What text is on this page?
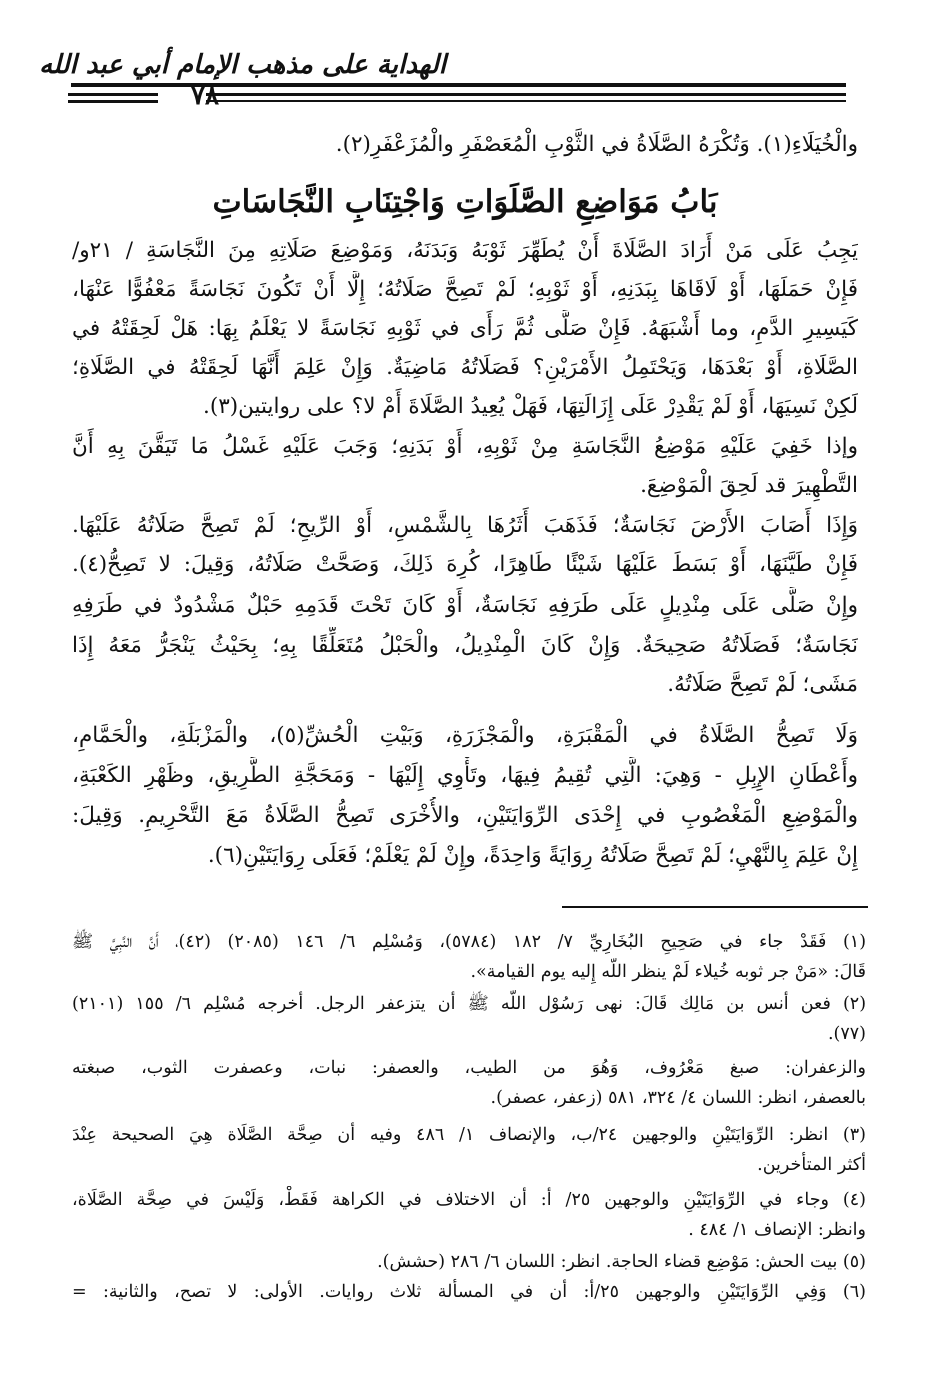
الهداية على مذهب الإمام أبي عبد الله
٧٨
والْخُيَلَاءِ(١). وَتُكْرَهُ الصَّلَاةُ في الثَّوْبِ الْمُعَصْفَرِ والْمُزَعْفَرِ(٢).
بَابُ مَوَاضِعِ الصَّلَوَاتِ وَاجْتِنَابِ النَّجَاسَاتِ
يَجِبُ عَلَى مَنْ أَرَادَ الصَّلَاةَ أَنْ يُطَهِّرَ ثَوْبَهُ وَبَدَنَهُ، وَمَوْضِعَ صَلَاتِهِ مِنَ النَّجَاسَةِ / ٢١و/
فَإِنْ حَمَلَهَا، أَوْ لَاقَاهَا بِبَدَنِهِ، أَوْ ثَوْبِهِ؛ لَمْ تَصِحَّ صَلَاتُهُ؛ إِلَّا أَنْ تَكُونَ نَجَاسَةً مَعْفُوًّا عَنْهَا،
كَيَسِيرِ الدَّمِ، وما أَشْبَهَهُ. فَإِنْ صَلَّى ثُمَّ رَأَى في ثَوْبِهِ نَجَاسَةً لا يَعْلَمُ بِهَا: هَلْ لَحِقَتْهُ في
الصَّلَاةِ، أَوْ بَعْدَهَا، وَيَحْتَمِلُ الأَمْرَيْنِ؟ فَصَلَاتُهُ مَاضِيَةٌ. وَإِنْ عَلِمَ أَنَّهَا لَحِقَتْهُ في الصَّلَاةِ؛
لَكِنْ نَسِيَهَا، أَوْ لَمْ يَقْدِرْ عَلَى إِزَالَتِهَا، فَهَلْ يُعِيدُ الصَّلَاةَ أَمْ لا؟ على روايتين(٣).
وإذا خَفِيَ عَلَيْهِ مَوْضِعُ النَّجَاسَةِ مِنْ ثَوْبِهِ، أَوْ بَدَنِهِ؛ وَجَبَ عَلَيْهِ غَسْلُ مَا تَيَقَّنَ بِهِ أَنَّ
التَّطْهِيرَ قد لَحِقَ الْمَوْضِعَ.
وَإِذَا أَصَابَ الأَرْضَ نَجَاسَةٌ؛ فَذَهَبَ أَثَرُهَا بِالشَّمْسِ، أَوْ الرِّيحِ؛ لَمْ تَصِحَّ صَلَاتُهُ عَلَيْهَا.
فَإِنْ طَيَّنَهَا، أَوْ بَسَطَ عَلَيْهَا شَيْئًا طَاهِرًا، كُرِهَ ذَلِكَ، وَصَحَّتْ صَلَاتُهُ، وَقِيلَ: لا تَصِحُّ(٤).
وإِنْ صَلَّى عَلَى مِنْدِيلٍ عَلَى طَرَفِهِ نَجَاسَةٌ، أَوْ كَانَ تَحْتَ قَدَمِهِ حَبْلٌ مَشْدُودٌ في طَرَفِهِ
نَجَاسَةٌ؛ فَصَلَاتُهُ صَحِيحَةٌ. وَإِنْ كَانَ الْمِنْدِيلُ، والْحَبْلُ مُتَعَلِّقًا بِهِ؛ بِحَيْثُ يَنْجَرُّ مَعَهُ إِذَا
مَشَى؛ لَمْ تَصِحَّ صَلَاتُهُ.
وَلَا تَصِحُّ الصَّلَاةُ في الْمَقْبَرَةِ، والْمَجْزَرَةِ، وَبَيْتِ الْحُشِّ(٥)، والْمَزْبَلَةِ، والْحَمَّامِ،
وأَعْطَانِ الإِبِلِ - وَهِيَ: الَّتِي تُقِيمُ فِيهَا، وتَأْوِي إِلَيْهَا - وَمَحَجَّةِ الطَّرِيقِ، وظَهْرِ الكَعْبَةِ،
والْمَوْضِعِ الْمَغْصُوبِ في إِحْدَى الرِّوَايَتَيْنِ، والأُخْرَى تَصِحُّ الصَّلَاةُ مَعَ التَّحْرِيمِ. وَقِيلَ:
إِنْ عَلِمَ بِالنَّهْيِ؛ لَمْ تَصِحَّ صَلَاتُهُ رِوَايَةً وَاحِدَةً، وإِنْ لَمْ يَعْلَمْ؛ فَعَلَى رِوَايَتَيْنِ(٦).
(١) فَقَدْ جاء في صَحِيحِ البُخَارِيِّ ٧/ ١٨٢ (٥٧٨٤)، وَمُسْلِم ٦/ ١٤٦ (٢٠٨٥) (٤٢)، أَنَّ النَّبِيَّ ﷺ
قَالَ: «مَنْ جر ثوبه خُيلاء لَمْ ينظر اللَّه إِليه يوم القيامة».
(٢) فعن أنس بن مَالِك قَالَ: نهى رَسُوْل اللَّه ﷺ أن يتزعفر الرجل. أخرجه مُسْلِم ٦/ ١٥٥ (٢١٠١)
(٧٧).
والزعفران: صبغ مَعْرُوف، وَهُوَ من الطيب، والعصفر: نبات، وعصفرت الثوب، صبغته
بالعصفر، انظر: اللسان ٤/ ٣٢٤، ٥٨١ (زعفر، عصفر).
(٣) انظر: الرِّوَايَتَيْنِ والوجهين ٢٤/ب، والإنصاف ١/ ٤٨٦ وفيه أن صِحَّة الصَّلَاة هِيَ الصحيحة عِنْدَ
أكثر المتأخرين.
(٤) وجاء في الرِّوَايَتَيْنِ والوجهين ٢٥/ أ: أن الاختلاف في الكراهة فَقَطْ، وَلَيْسَ في صِحَّة الصَّلَاة،
وانظر: الإنصاف ١/ ٤٨٤ .
(٥) بيت الحش: مَوْضِع قضاء الحاجة. انظر: اللسان ٦/ ٢٨٦ (حشش).
(٦) وَفِي الرِّوَايَتَيْنِ والوجهين ٢٥/أ: أن في المسألة ثلاث روايات. الأولى: لا تصح، والثانية: =
